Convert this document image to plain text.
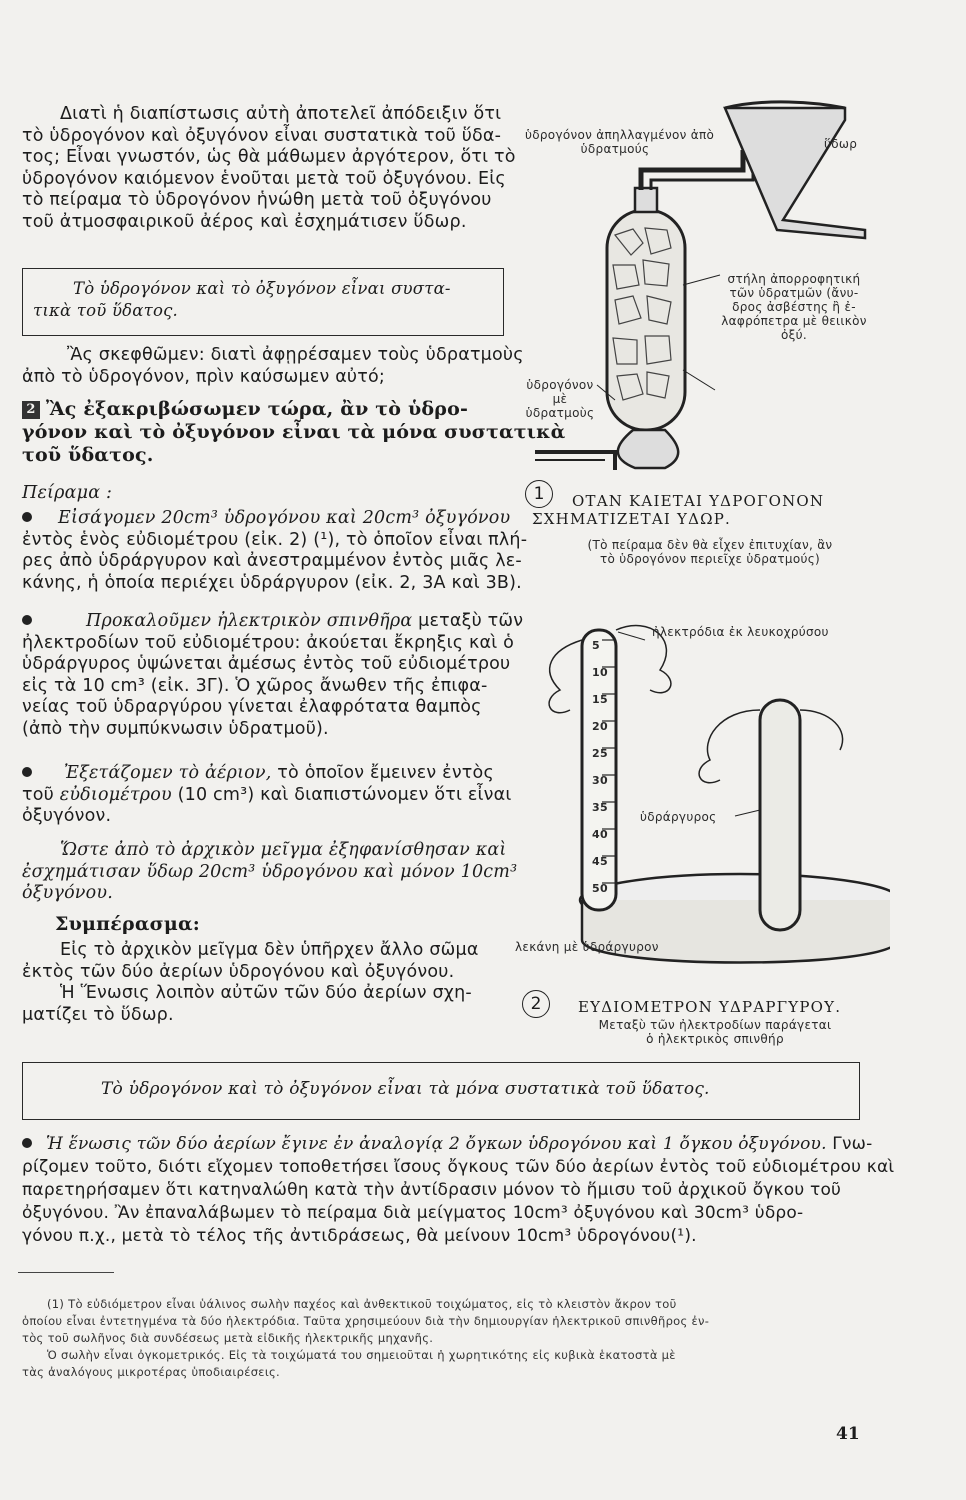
Διατὶ ἡ διαπίστωσις αὐτὴ ἀποτελεῖ ἀπόδειξιν ὅτι
τὸ ὑδρογόνον καὶ ὀξυγόνον εἶναι συστατικὰ τοῦ ὕδα-
τος; Εἶναι γνωστόν, ὡς θὰ μάθωμεν ἀργότερον, ὅτι τὸ
ὑδρογόνον καιόμενον ἑνοῦται μετὰ τοῦ ὀξυγόνου. Εἰς
τὸ πείραμα τὸ ὑδρογόνον ἡνώθη μετὰ τοῦ ὀξυγόνου
τοῦ ἀτμοσφαιρικοῦ ἀέρος καὶ ἐσχημάτισεν ὕδωρ.
Τὸ ὑδρογόνον καὶ τὸ ὀξυγόνον εἶναι συστα-
τικὰ τοῦ ὕδατος.
Ἂς σκεφθῶμεν: διατὶ ἀφῃρέσαμεν τοὺς ὑδρατμοὺς
ἀπὸ τὸ ὑδρογόνον, πρὶν καύσωμεν αὐτό;
2 Ἂς ἐξακριβώσωμεν τώρα, ἂν τὸ ὑδρο-
γόνον καὶ τὸ ὀξυγόνον εἶναι τὰ μόνα συστατικὰ
τοῦ ὕδατος.
Πείραμα :
Εἰσάγομεν 20cm³ ὑδρογόνου καὶ 20cm³ ὀξυγόνου
ἐντὸς ἑνὸς εὐδιομέτρου (εἰκ. 2) (¹), τὸ ὁποῖον εἶναι πλή-
ρες ἀπὸ ὑδράργυρον καὶ ἀνεστραμμένον ἐντὸς μιᾶς λε-
κάνης, ἡ ὁποία περιέχει ὑδράργυρον (εἰκ. 2, 3Α καὶ 3Β).
Προκαλοῦμεν ἠλεκτρικὸν σπινθῆρα μεταξὺ τῶν
ἠλεκτροδίων τοῦ εὐδιομέτρου: ἀκούεται ἔκρηξις καὶ ὁ
ὑδράργυρος ὑψώνεται ἀμέσως ἐντὸς τοῦ εὐδιομέτρου
εἰς τὰ 10 cm³ (εἰκ. 3Γ). Ὁ χῶρος ἄνωθεν τῆς ἐπιφα-
νείας τοῦ ὑδραργύρου γίνεται ἐλαφρότατα θαμπὸς
(ἀπὸ τὴν συμπύκνωσιν ὑδρατμοῦ).
Ἐξετάζομεν τὸ ἀέριον, τὸ ὁποῖον ἔμεινεν ἐντὸς
τοῦ εὐδιομέτρου (10 cm³) καὶ διαπιστώνομεν ὅτι εἶναι
ὀξυγόνον.
Ὥστε ἀπὸ τὸ ἀρχικὸν μεῖγμα ἐξηφανίσθησαν καὶ
ἐσχημάτισαν ὕδωρ 20cm³ ὑδρογόνου καὶ μόνον 10cm³
ὀξυγόνου.
Συμπέρασμα:
Εἰς τὸ ἀρχικὸν μεῖγμα δὲν ὑπῆρχεν ἄλλο σῶμα
ἐκτὸς τῶν δύο ἀερίων ὑδρογόνου καὶ ὀξυγόνου.
Ἡ Ἕνωσις λοιπὸν αὐτῶν τῶν δύο ἀερίων σχη-
ματίζει τὸ ὕδωρ.
ὑδρογόνον ἀπηλλαγμένον ἀπὸ
ὑδρατμούς	ὕδωρ
στήλη ἀπορροφητική
τῶν ὑδρατμῶν (ἄνυ-
δρος ἀσβέστης ἢ ἐ-
λαφρόπετρα μὲ θειικὸν
ὀξύ.
ὑδρογόνον
μὲ
ὑδρατμοὺς
1	ΟΤΑΝ ΚΑΙΕΤΑΙ ΥΔΡΟΓΟΝΟΝ
ΣΧΗΜΑΤΙΖΕΤΑΙ ΥΔΩΡ.
(Τὸ πείραμα δὲν θὰ εἶχεν ἐπιτυχίαν, ἂν
τὸ ὑδρογόνον περιεῖχε ὑδρατμούς)
5
10
15
20
25
30
35
40
45
50
ἠλεκτρόδια ἐκ λευκοχρύσου
ὑδράργυρος
λεκάνη μὲ ὑδράργυρον
2	ΕΥΔΙΟΜΕΤΡΟΝ ΥΔΡΑΡΓΥΡΟΥ.
Μεταξὺ τῶν ἠλεκτροδίων παράγεται
ὁ ἠλεκτρικὸς σπινθήρ
Τὸ ὑδρογόνον καὶ τὸ ὀξυγόνον εἶναι τὰ μόνα συστατικὰ τοῦ ὕδατος.
Ἡ ἕνωσις τῶν δύο ἀερίων ἔγινε ἐν ἀναλογίᾳ 2 ὄγκων ὑδρογόνου καὶ 1 ὄγκου ὀξυγόνου. Γνω-
ρίζομεν τοῦτο, διότι εἴχομεν τοποθετήσει ἴσους ὄγκους τῶν δύο ἀερίων ἐντὸς τοῦ εὐδιομέτρου καὶ
παρετηρήσαμεν ὅτι κατηναλώθη κατὰ τὴν ἀντίδρασιν μόνον τὸ ἥμισυ τοῦ ἀρχικοῦ ὄγκου τοῦ
ὀξυγόνου. Ἂν ἐπαναλάβωμεν τὸ πείραμα διὰ μείγματος 10cm³ ὀξυγόνου καὶ 30cm³ ὑδρο-
γόνου π.χ., μετὰ τὸ τέλος τῆς ἀντιδράσεως, θὰ μείνουν 10cm³ ὑδρογόνου(¹).
(1) Τὸ εὐδιόμετρον εἶναι ὑάλινος σωλὴν παχέος καὶ ἀνθεκτικοῦ τοιχώματος, εἰς τὸ κλειστὸν ἄκρον τοῦ
ὁποίου εἶναι ἐντετηγμένα τὰ δύο ἠλεκτρόδια. Ταῦτα χρησιμεύουν διὰ τὴν δημιουργίαν ἠλεκτρικοῦ σπινθῆρος ἐν-
τὸς τοῦ σωλῆνος διὰ συνδέσεως μετὰ εἰδικῆς ἠλεκτρικῆς μηχανῆς.
Ὁ σωλὴν εἶναι ὀγκομετρικός. Εἰς τὰ τοιχώματά του σημειοῦται ἡ χωρητικότης εἰς κυβικὰ ἑκατοστὰ μὲ
τὰς ἀναλόγους μικροτέρας ὑποδιαιρέσεις.
41
